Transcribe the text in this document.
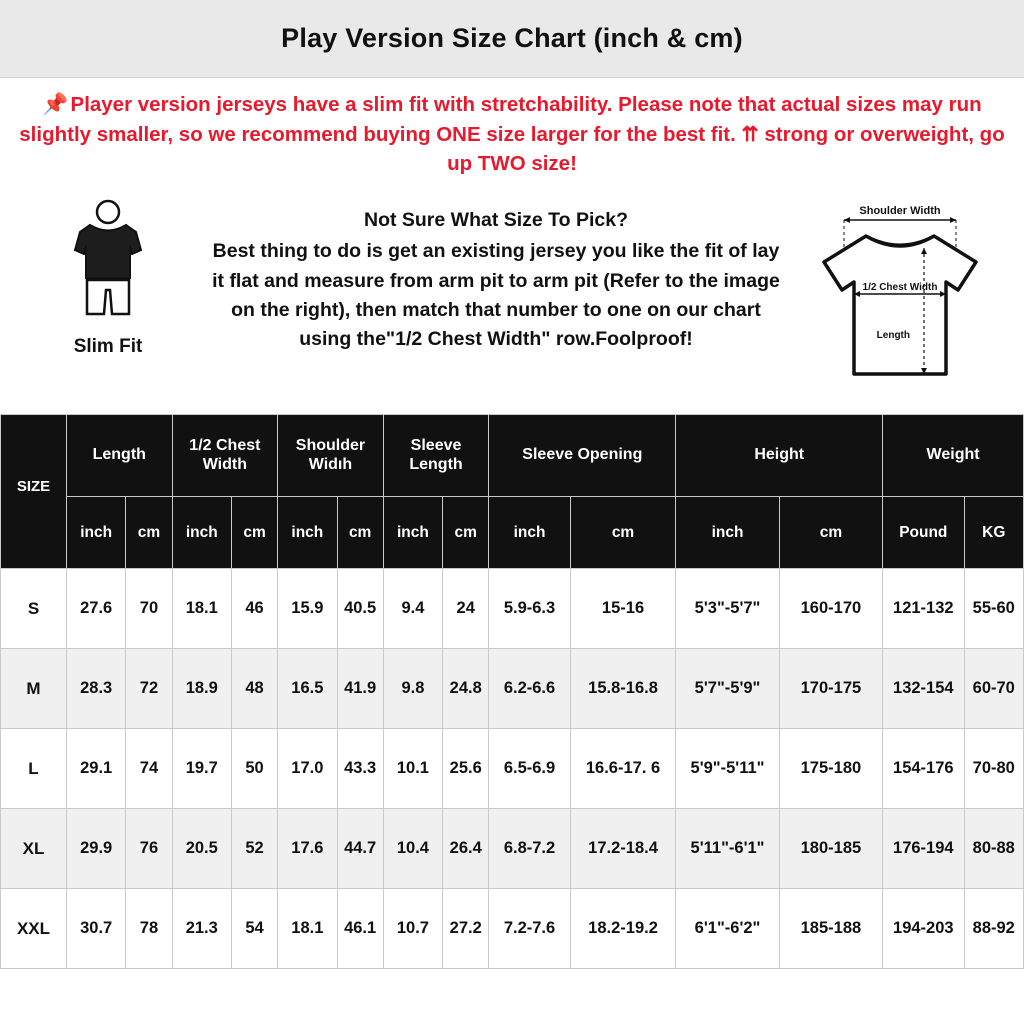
Play Version Size Chart (inch & cm)
📌Player version jerseys have a slim fit with stretchability. Please note that actual sizes may run slightly smaller, so we recommend buying ONE size larger for the best fit. ⇈ strong or overweight, go up TWO size!
Slim Fit
Not Sure What Size To Pick?
Best thing to do is get an existing jersey you like the fit of lay it flat and measure from arm pit to arm pit (Refer to the image on the right), then match that number to one on our chart using the"1/2 Chest Width" row.Foolproof!
Shoulder Width
1/2 Chest Width
Length
SIZE	Length		1/2 Chest Width		Shoulder Widıh		Sleeve Length		Sleeve Opening		Height		Weight	
	inch	cm	inch	cm	inch	cm	inch	cm	inch	cm	inch	cm	Pound	KG
S	27.6	70	18.1	46	15.9	40.5	9.4	24	5.9-6.3	15-16	5'3"-5'7"	160-170	121-132	55-60
M	28.3	72	18.9	48	16.5	41.9	9.8	24.8	6.2-6.6	15.8-16.8	5'7"-5'9"	170-175	132-154	60-70
L	29.1	74	19.7	50	17.0	43.3	10.1	25.6	6.5-6.9	16.6-17. 6	5'9"-5'11"	175-180	154-176	70-80
XL	29.9	76	20.5	52	17.6	44.7	10.4	26.4	6.8-7.2	17.2-18.4	5'11"-6'1"	180-185	176-194	80-88
XXL	30.7	78	21.3	54	18.1	46.1	10.7	27.2	7.2-7.6	18.2-19.2	6'1"-6'2"	185-188	194-203	88-92
